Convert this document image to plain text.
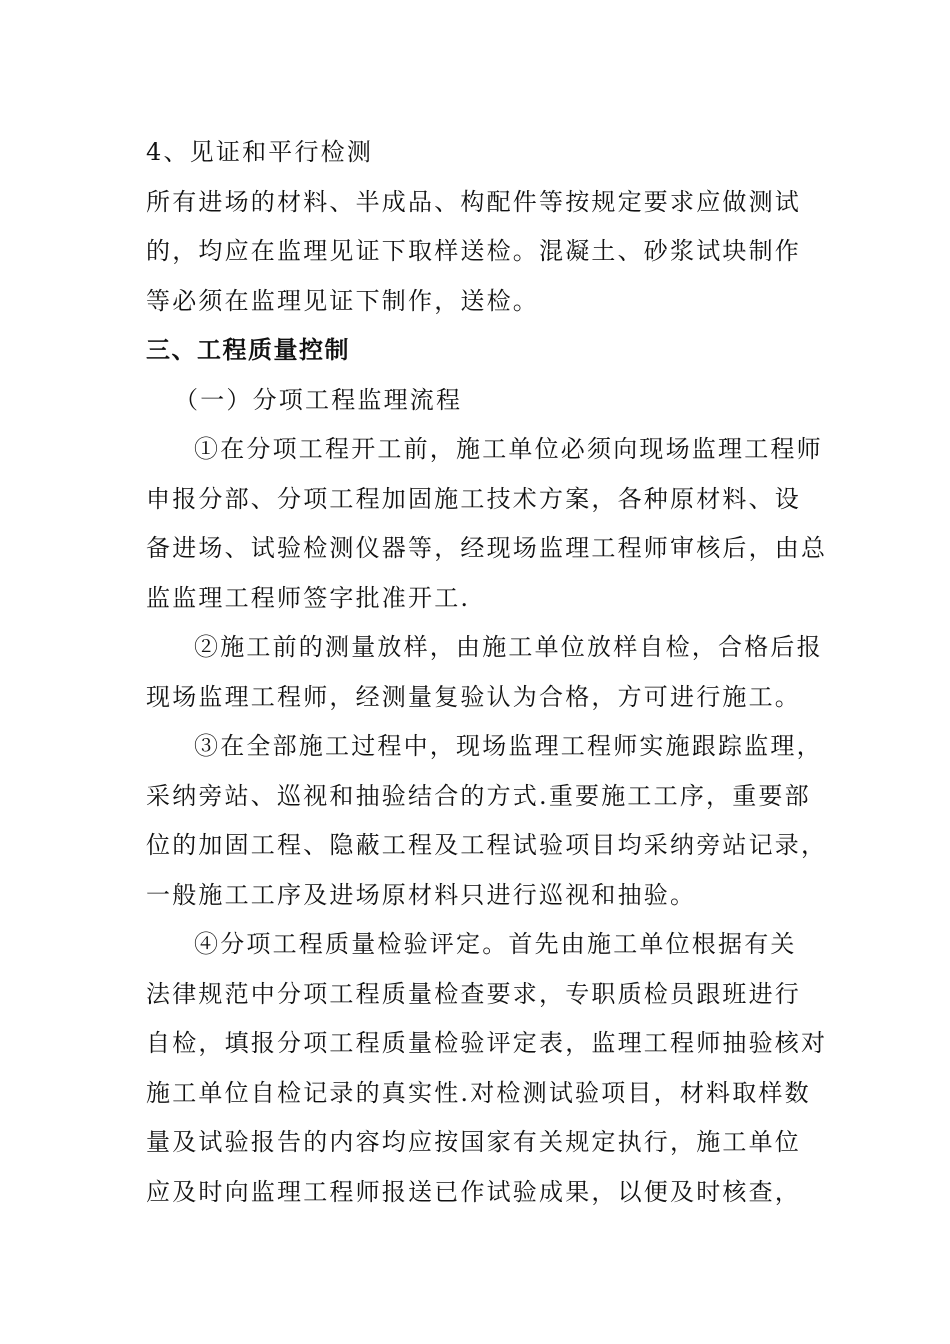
4、见证和平行检测
所有进场的材料、半成品、构配件等按规定要求应做测试
的，均应在监理见证下取样送检。混凝土、砂浆试块制作
等必须在监理见证下制作，送检。
三、工程质量控制
（一）分项工程监理流程
①在分项工程开工前，施工单位必须向现场监理工程师
申报分部、分项工程加固施工技术方案，各种原材料、设
备进场、试验检测仪器等，经现场监理工程师审核后，由总
监监理工程师签字批准开工.
②施工前的测量放样，由施工单位放样自检，合格后报
现场监理工程师，经测量复验认为合格，方可进行施工。
③在全部施工过程中，现场监理工程师实施跟踪监理，
采纳旁站、巡视和抽验结合的方式.重要施工工序，重要部
位的加固工程、隐蔽工程及工程试验项目均采纳旁站记录，
一般施工工序及进场原材料只进行巡视和抽验。
④分项工程质量检验评定。首先由施工单位根据有关
法律规范中分项工程质量检查要求，专职质检员跟班进行
自检，填报分项工程质量检验评定表，监理工程师抽验核对
施工单位自检记录的真实性.对检测试验项目，材料取样数
量及试验报告的内容均应按国家有关规定执行，施工单位
应及时向监理工程师报送已作试验成果，以便及时核查，
